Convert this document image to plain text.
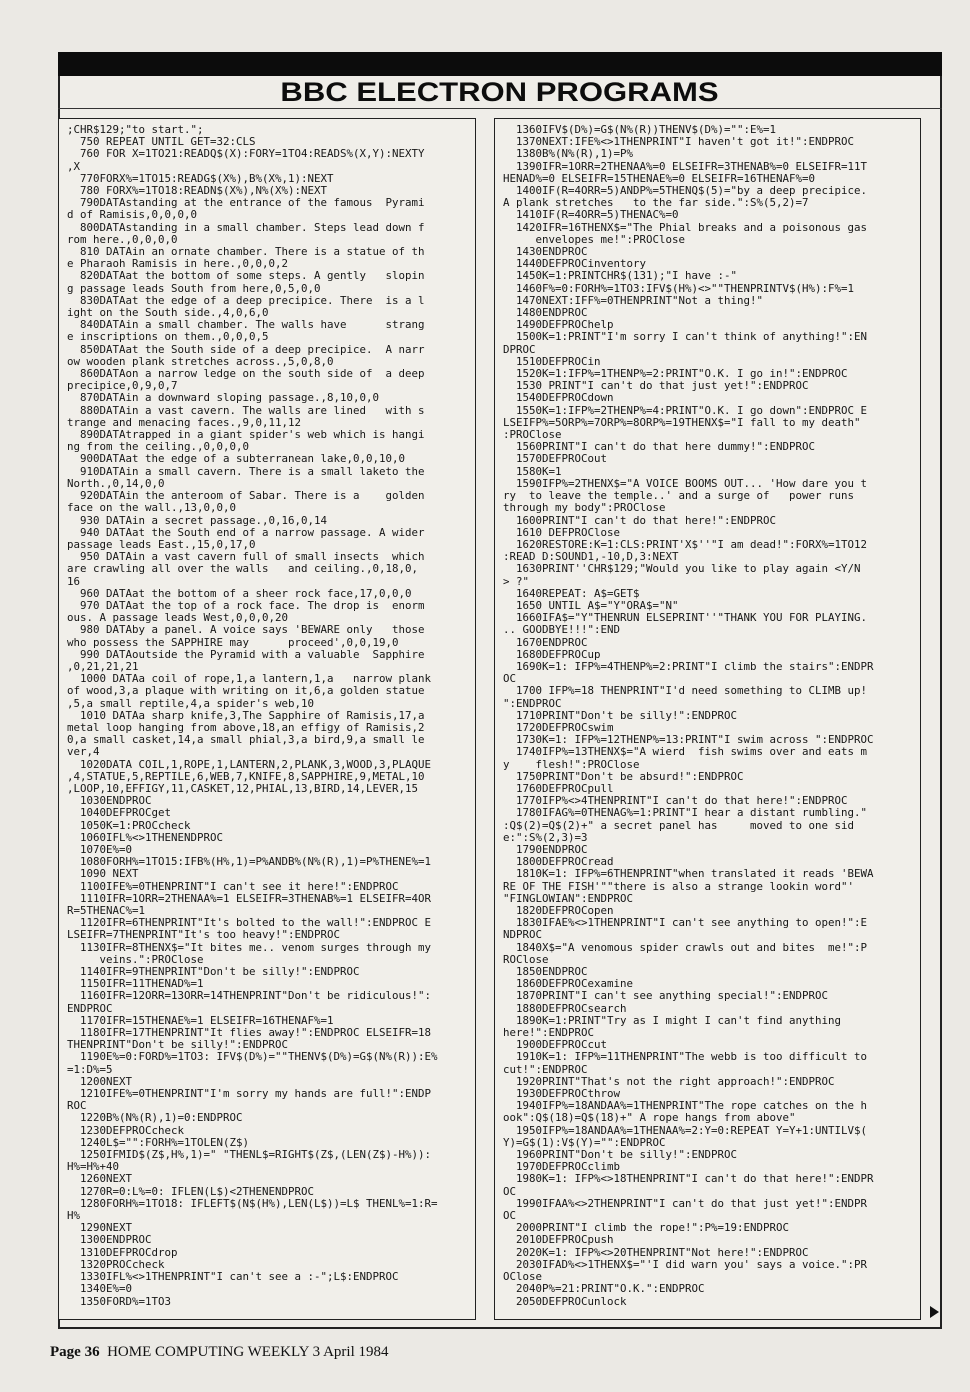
BBC ELECTRON PROGRAMS
;CHR$129;"to start.";
750 REPEAT UNTIL GET=32:CLS
760 FOR X=1TO21:READQ$(X):FORY=1TO4:READS%(X,Y):NEXTY
,X
770FORX%=1TO15:READG$(X%),B%(X%,1):NEXT
780 FORX%=1TO18:READN$(X%),N%(X%):NEXT
790DATAstanding at the entrance of the famous  Pyrami
d of Ramisis,0,0,0,0
800DATAstanding in a small chamber. Steps lead down f
rom here.,0,0,0,0
810 DATAin an ornate chamber. There is a statue of th
e Pharaoh Ramisis in here.,0,0,0,2
820DATAat the bottom of some steps. A gently   slopin
g passage leads South from here,0,5,0,0
830DATAat the edge of a deep precipice. There  is a l
ight on the South side.,4,0,6,0
840DATAin a small chamber. The walls have      strang
e inscriptions on them.,0,0,0,5
850DATAat the South side of a deep precipice.  A narr
ow wooden plank stretches across.,5,0,8,0
860DATAon a narrow ledge on the south side of  a deep
precipice,0,9,0,7
870DATAin a downward sloping passage.,8,10,0,0
880DATAin a vast cavern. The walls are lined   with s
trange and menacing faces.,9,0,11,12
890DATAtrapped in a giant spider's web which is hangi
ng from the ceiling.,0,0,0,0
900DATAat the edge of a subterranean lake,0,0,10,0
910DATAin a small cavern. There is a small laketo the
North.,0,14,0,0
920DATAin the anteroom of Sabar. There is a    golden
face on the wall.,13,0,0,0
930 DATAin a secret passage.,0,16,0,14
940 DATAat the South end of a narrow passage. A wider
passage leads East.,15,0,17,0
950 DATAin a vast cavern full of small insects  which
are crawling all over the walls   and ceiling.,0,18,0,
16
960 DATAat the bottom of a sheer rock face,17,0,0,0
970 DATAat the top of a rock face. The drop is  enorm
ous. A passage leads West,0,0,0,20
980 DATAby a panel. A voice says 'BEWARE only   those
who possess the SAPPHIRE may      proceed',0,0,19,0
990 DATAoutside the Pyramid with a valuable  Sapphire
,0,21,21,21
1000 DATAa coil of rope,1,a lantern,1,a   narrow plank
of wood,3,a plaque with writing on it,6,a golden statue
,5,a small reptile,4,a spider's web,10
1010 DATAa sharp knife,3,The Sapphire of Ramisis,17,a
metal loop hanging from above,18,an effigy of Ramisis,2
0,a small casket,14,a small phial,3,a bird,9,a small le
ver,4
1020DATA COIL,1,ROPE,1,LANTERN,2,PLANK,3,WOOD,3,PLAQUE
,4,STATUE,5,REPTILE,6,WEB,7,KNIFE,8,SAPPHIRE,9,METAL,10
,LOOP,10,EFFIGY,11,CASKET,12,PHIAL,13,BIRD,14,LEVER,15
1030ENDPROC
1040DEFPROCget
1050K=1:PROCcheck
1060IFL%<>1THENENDPROC
1070E%=0
1080FORH%=1TO15:IFB%(H%,1)=P%ANDB%(N%(R),1)=P%THENE%=1
1090 NEXT
1100IFE%=0THENPRINT"I can't see it here!":ENDPROC
1110IFR=1ORR=2THENAA%=1 ELSEIFR=3THENAB%=1 ELSEIFR=4OR
R=5THENAC%=1
1120IFR=6THENPRINT"It's bolted to the wall!":ENDPROC E
LSEIFR=7THENPRINT"It's too heavy!":ENDPROC
1130IFR=8THENX$="It bites me.. venom surges through my
veins.":PROClose
1140IFR=9THENPRINT"Don't be silly!":ENDPROC
1150IFR=11THENAD%=1
1160IFR=12ORR=13ORR=14THENPRINT"Don't be ridiculous!":
ENDPROC
1170IFR=15THENAE%=1 ELSEIFR=16THENAF%=1
1180IFR=17THENPRINT"It flies away!":ENDPROC ELSEIFR=18
THENPRINT"Don't be silly!":ENDPROC
1190E%=0:FORD%=1TO3: IFV$(D%)=""THENV$(D%)=G$(N%(R)):E%
=1:D%=5
1200NEXT
1210IFE%=0THENPRINT"I'm sorry my hands are full!":ENDP
ROC
1220B%(N%(R),1)=0:ENDPROC
1230DEFPROCcheck
1240L$="":FORH%=1TOLEN(Z$)
1250IFMID$(Z$,H%,1)=" "THENL$=RIGHT$(Z$,(LEN(Z$)-H%)):
H%=H%+40
1260NEXT
1270R=0:L%=0: IFLEN(L$)<2THENENDPROC
1280FORH%=1TO18: IFLEFT$(N$(H%),LEN(L$))=L$ THENL%=1:R=
H%
1290NEXT
1300ENDPROC
1310DEFPROCdrop
1320PROCcheck
1330IFL%<>1THENPRINT"I can't see a :-";L$:ENDPROC
1340E%=0
1350FORD%=1TO3
1360IFV$(D%)=G$(N%(R))THENV$(D%)="":E%=1
1370NEXT:IFE%<>1THENPRINT"I haven't got it!":ENDPROC
1380B%(N%(R),1)=P%
1390IFR=1ORR=2THENAA%=0 ELSEIFR=3THENAB%=0 ELSEIFR=11T
HENAD%=0 ELSEIFR=15THENAE%=0 ELSEIFR=16THENAF%=0
1400IF(R=4ORR=5)ANDP%=5THENQ$(5)="by a deep precipice.
A plank stretches   to the far side.":S%(5,2)=7
1410IF(R=4ORR=5)THENAC%=0
1420IFR=16THENX$="The Phial breaks and a poisonous gas
envelopes me!":PROClose
1430ENDPROC
1440DEFPROCinventory
1450K=1:PRINTCHR$(131);"I have :-"
1460F%=0:FORH%=1TO3:IFV$(H%)<>""THENPRINTV$(H%):F%=1
1470NEXT:IFF%=0THENPRINT"Not a thing!"
1480ENDPROC
1490DEFPROChelp
1500K=1:PRINT"I'm sorry I can't think of anything!":EN
DPROC
1510DEFPROCin
1520K=1:IFP%=1THENP%=2:PRINT"O.K. I go in!":ENDPROC
1530 PRINT"I can't do that just yet!":ENDPROC
1540DEFPROCdown
1550K=1:IFP%=2THENP%=4:PRINT"O.K. I go down":ENDPROC E
LSEIFP%=5ORP%=7ORP%=8ORP%=19THENX$="I fall to my death"
:PROClose
1560PRINT"I can't do that here dummy!":ENDPROC
1570DEFPROCout
1580K=1
1590IFP%=2THENX$="A VOICE BOOMS OUT... 'How dare you t
ry  to leave the temple..' and a surge of   power runs
through my body":PROClose
1600PRINT"I can't do that here!":ENDPROC
1610 DEFPROClose
1620RESTORE:K=1:CLS:PRINT'X$''"I am dead!":FORX%=1TO12
:READ D:SOUND1,-10,D,3:NEXT
1630PRINT''CHR$129;"Would you like to play again <Y/N
> ?"
1640REPEAT: A$=GET$
1650 UNTIL A$="Y"ORA$="N"
1660IFA$="Y"THENRUN ELSEPRINT''"THANK YOU FOR PLAYING.
.. GOODBYE!!!":END
1670ENDPROC
1680DEFPROCup
1690K=1: IFP%=4THENP%=2:PRINT"I climb the stairs":ENDPR
OC
1700 IFP%=18 THENPRINT"I'd need something to CLIMB up!
":ENDPROC
1710PRINT"Don't be silly!":ENDPROC
1720DEFPROCswim
1730K=1: IFP%=12THENP%=13:PRINT"I swim across ":ENDPROC
1740IFP%=13THENX$="A wierd  fish swims over and eats m
y    flesh!":PROClose
1750PRINT"Don't be absurd!":ENDPROC
1760DEFPROCpull
1770IFP%<>4THENPRINT"I can't do that here!":ENDPROC
1780IFAG%=0THENAG%=1:PRINT"I hear a distant rumbling."
:Q$(2)=Q$(2)+" a secret panel has     moved to one sid
e:":S%(2,3)=3
1790ENDPROC
1800DEFPROCread
1810K=1: IFP%=6THENPRINT"when translated it reads 'BEWA
RE OF THE FISH'""there is also a strange lookin word"'
"FINGLOWIAN":ENDPROC
1820DEFPROCopen
1830IFAE%<>1THENPRINT"I can't see anything to open!":E
NDPROC
1840X$="A venomous spider crawls out and bites  me!":P
ROClose
1850ENDPROC
1860DEFPROCexamine
1870PRINT"I can't see anything special!":ENDPROC
1880DEFPROCsearch
1890K=1:PRINT"Try as I might I can't find anything
here!":ENDPROC
1900DEFPROCcut
1910K=1: IFP%=11THENPRINT"The webb is too difficult to
cut!":ENDPROC
1920PRINT"That's not the right approach!":ENDPROC
1930DEFPROCthrow
1940IFP%=18ANDAA%=1THENPRINT"The rope catches on the h
ook":Q$(18)=Q$(18)+" A rope hangs from above"
1950IFP%=18ANDAA%=1THENAA%=2:Y=0:REPEAT Y=Y+1:UNTILV$(
Y)=G$(1):V$(Y)="":ENDPROC
1960PRINT"Don't be silly!":ENDPROC
1970DEFPROCclimb
1980K=1: IFP%<>18THENPRINT"I can't do that here!":ENDPR
OC
1990IFAA%<>2THENPRINT"I can't do that just yet!":ENDPR
OC
2000PRINT"I climb the rope!":P%=19:ENDPROC
2010DEFPROCpush
2020K=1: IFP%<>20THENPRINT"Not here!":ENDPROC
2030IFAD%<>1THENX$="'I did warn you' says a voice.":PR
OClose
2040P%=21:PRINT"O.K.":ENDPROC
2050DEFPROCunlock
Page 36 HOME COMPUTING WEEKLY 3 April 1984
